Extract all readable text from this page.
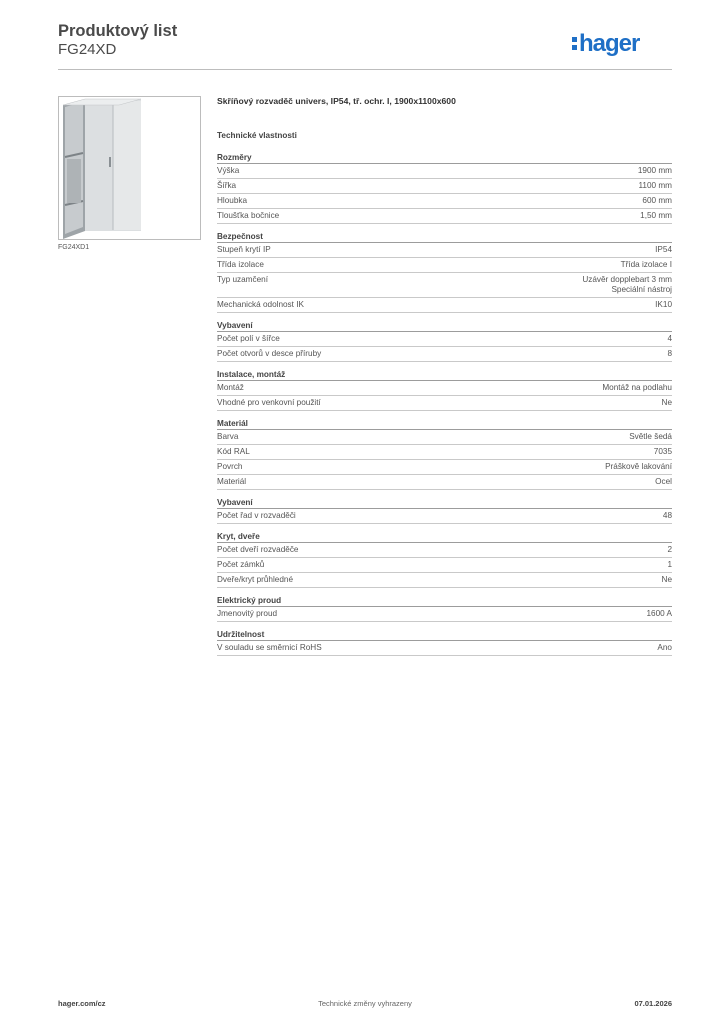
Produktový list
FG24XD	hager
FG24XD1
Skříňový rozvaděč univers, IP54, tř. ochr. I, 1900x1100x600
Technické vlastnosti
Rozměry
Výška	1900 mm
Šířka	1100 mm
Hloubka	600 mm
Tloušťka bočnice	1,50 mm
Bezpečnost
Stupeň krytí IP	IP54
Třída izolace	Třída izolace I
Typ uzamčení	Uzávěr dopplebart 3 mm
Speciální nástroj
Mechanická odolnost IK	IK10
Vybavení
Počet polí v šířce	4
Počet otvorů v desce příruby	8
Instalace, montáž
Montáž	Montáž na podlahu
Vhodné pro venkovní použití	Ne
Materiál
Barva	Světle šedá
Kód RAL	7035
Povrch	Práškově lakování
Materiál	Ocel
Vybavení
Počet řad v rozvaděči	48
Kryt, dveře
Počet dveří rozvaděče	2
Počet zámků	1
Dveře/kryt průhledné	Ne
Elektrický proud
Jmenovitý proud	1600 A
Udržitelnost
V souladu se směrnicí RoHS	Ano
hager.com/cz	Technické změny vyhrazeny	07.01.2026
